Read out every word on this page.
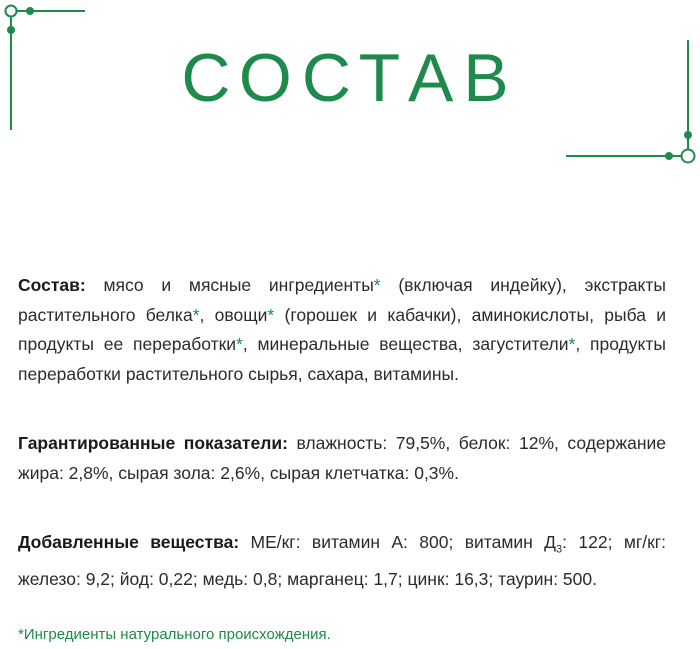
СОСТАВ
Состав: мясо и мясные ингредиенты* (включая индейку), экстракты растительного белка*, овощи* (горошек и кабачки), аминокислоты, рыба и продукты ее переработки*, минеральные вещества, загустители*, продукты переработки растительного сырья, сахара, витамины.
Гарантированные показатели: влажность: 79,5%, белок: 12%, содержание жира: 2,8%, сырая зола: 2,6%, сырая клетчатка: 0,3%.
Добавленные вещества: МЕ/кг: витамин А: 800; витамин $Д_3$: 122; мг/кг: железо: 9,2; йод: 0,22; медь: 0,8; марганец: 1,7; цинк: 16,3; таурин: 500.
*Ингредиенты натурального происхождения.
